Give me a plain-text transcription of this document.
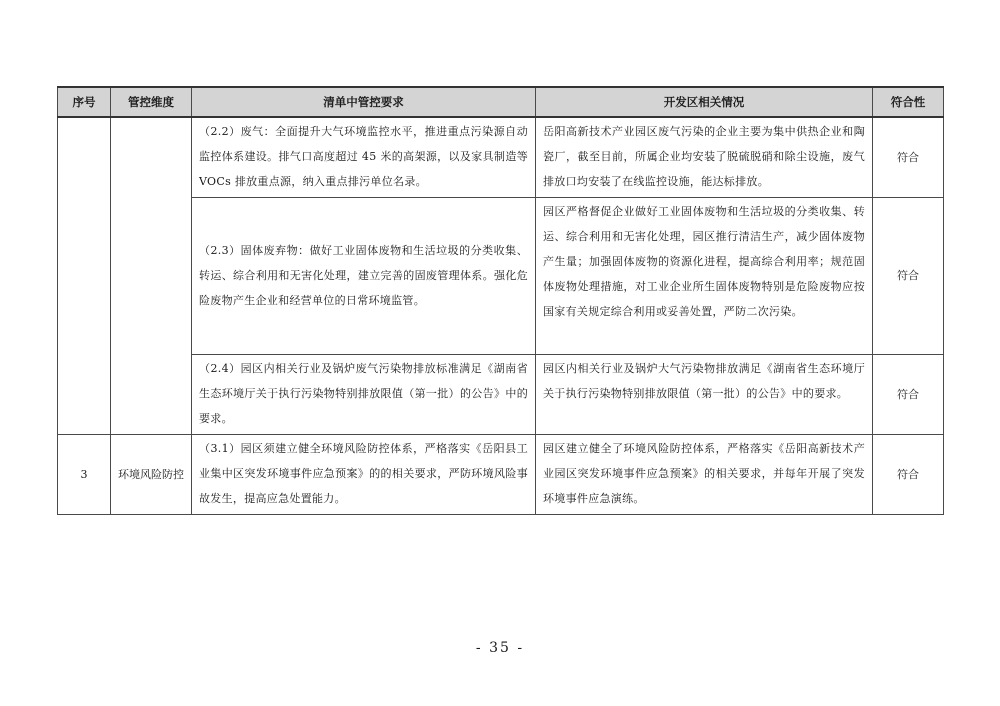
序号	管控维度	清单中管控要求	开发区相关情况	符合性

		（2.2）废气：全面提升大气环境监控水平，推进重点污染源自动监控体系建设。排气口高度超过 45 米的高架源，以及家具制造等 VOCs 排放重点源，纳入重点排污单位名录。	岳阳高新技术产业园区废气污染的企业主要为集中供热企业和陶瓷厂，截至目前，所属企业均安装了脱硫脱硝和除尘设施，废气排放口均安装了在线监控设施，能达标排放。	符合

		（2.3）固体废弃物：做好工业固体废物和生活垃圾的分类收集、转运、综合利用和无害化处理，建立完善的固废管理体系。强化危险废物产生企业和经营单位的日常环境监管。	园区严格督促企业做好工业固体废物和生活垃圾的分类收集、转运、综合利用和无害化处理，园区推行清洁生产，减少固体废物产生量；加强固体废物的资源化进程，提高综合利用率；规范固体废物处理措施，对工业企业所生固体废物特别是危险废物应按国家有关规定综合利用或妥善处置，严防二次污染。	符合

		（2.4）园区内相关行业及锅炉废气污染物排放标准满足《湖南省生态环境厅关于执行污染物特别排放限值（第一批）的公告》中的要求。	园区内相关行业及锅炉大气污染物排放满足《湖南省生态环境厅关于执行污染物特别排放限值（第一批）的公告》中的要求。	符合

3	环境风险防控	（3.1）园区须建立健全环境风险防控体系，严格落实《岳阳县工业集中区突发环境事件应急预案》的的相关要求，严防环境风险事故发生，提高应急处置能力。	园区建立健全了环境风险防控体系，严格落实《岳阳高新技术产业园区突发环境事件应急预案》的相关要求，并每年开展了突发环境事件应急演练。	符合
- 35 -
